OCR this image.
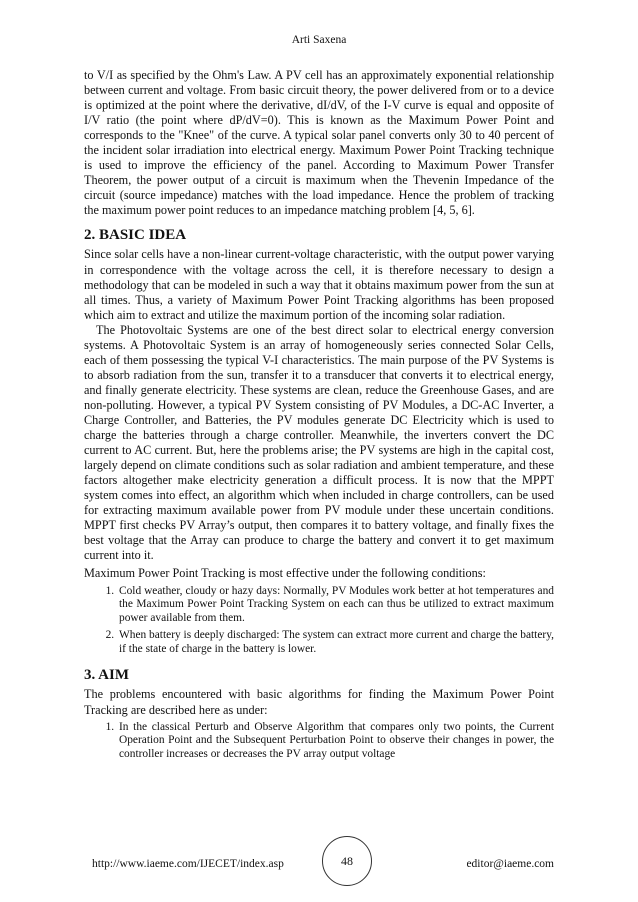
Arti Saxena

to V/I as specified by the Ohm's Law. A PV cell has an approximately exponential relationship between current and voltage. From basic circuit theory, the power delivered from or to a device is optimized at the point where the derivative, dI/dV, of the I-V curve is equal and opposite of I/V ratio (the point where dP/dV=0). This is known as the Maximum Power Point and corresponds to the "Knee" of the curve. A typical solar panel converts only 30 to 40 percent of the incident solar irradiation into electrical energy. Maximum Power Point Tracking technique is used to improve the efficiency of the panel. According to Maximum Power Transfer Theorem, the power output of a circuit is maximum when the Thevenin Impedance of the circuit (source impedance) matches with the load impedance. Hence the problem of tracking the maximum power point reduces to an impedance matching problem [4, 5, 6].

2. BASIC IDEA

Since solar cells have a non-linear current-voltage characteristic, with the output power varying in correspondence with the voltage across the cell, it is therefore necessary to design a methodology that can be modeled in such a way that it obtains maximum power from the sun at all times. Thus, a variety of Maximum Power Point Tracking algorithms has been proposed which aim to extract and utilize the maximum portion of the incoming solar radiation.

The Photovoltaic Systems are one of the best direct solar to electrical energy conversion systems. A Photovoltaic System is an array of homogeneously series connected Solar Cells, each of them possessing the typical V-I characteristics. The main purpose of the PV Systems is to absorb radiation from the sun, transfer it to a transducer that converts it to electrical energy, and finally generate electricity. These systems are clean, reduce the Greenhouse Gases, and are non-polluting. However, a typical PV System consisting of PV Modules, a DC-AC Inverter, a Charge Controller, and Batteries, the PV modules generate DC Electricity which is used to charge the batteries through a charge controller. Meanwhile, the inverters convert the DC current to AC current. But, here the problems arise; the PV systems are high in the capital cost, largely depend on climate conditions such as solar radiation and ambient temperature, and these factors altogether make electricity generation a difficult process. It is now that the MPPT system comes into effect, an algorithm which when included in charge controllers, can be used for extracting maximum available power from PV module under these uncertain conditions. MPPT first checks PV Array’s output, then compares it to battery voltage, and finally fixes the best voltage that the Array can produce to charge the battery and convert it to get maximum current into it.

Maximum Power Point Tracking is most effective under the following conditions:

1. Cold weather, cloudy or hazy days: Normally, PV Modules work better at hot temperatures and the Maximum Power Point Tracking System on each can thus be utilized to extract maximum power available from them.
2. When battery is deeply discharged: The system can extract more current and charge the battery, if the state of charge in the battery is lower.
3. AIM

The problems encountered with basic algorithms for finding the Maximum Power Point Tracking are described here as under:

1. In the classical Perturb and Observe Algorithm that compares only two points, the Current Operation Point and the Subsequent Perturbation Point to observe their changes in power, the controller increases or decreases the PV array output voltage
http://www.iaeme.com/IJECET/index.asp	48	editor@iaeme.com
